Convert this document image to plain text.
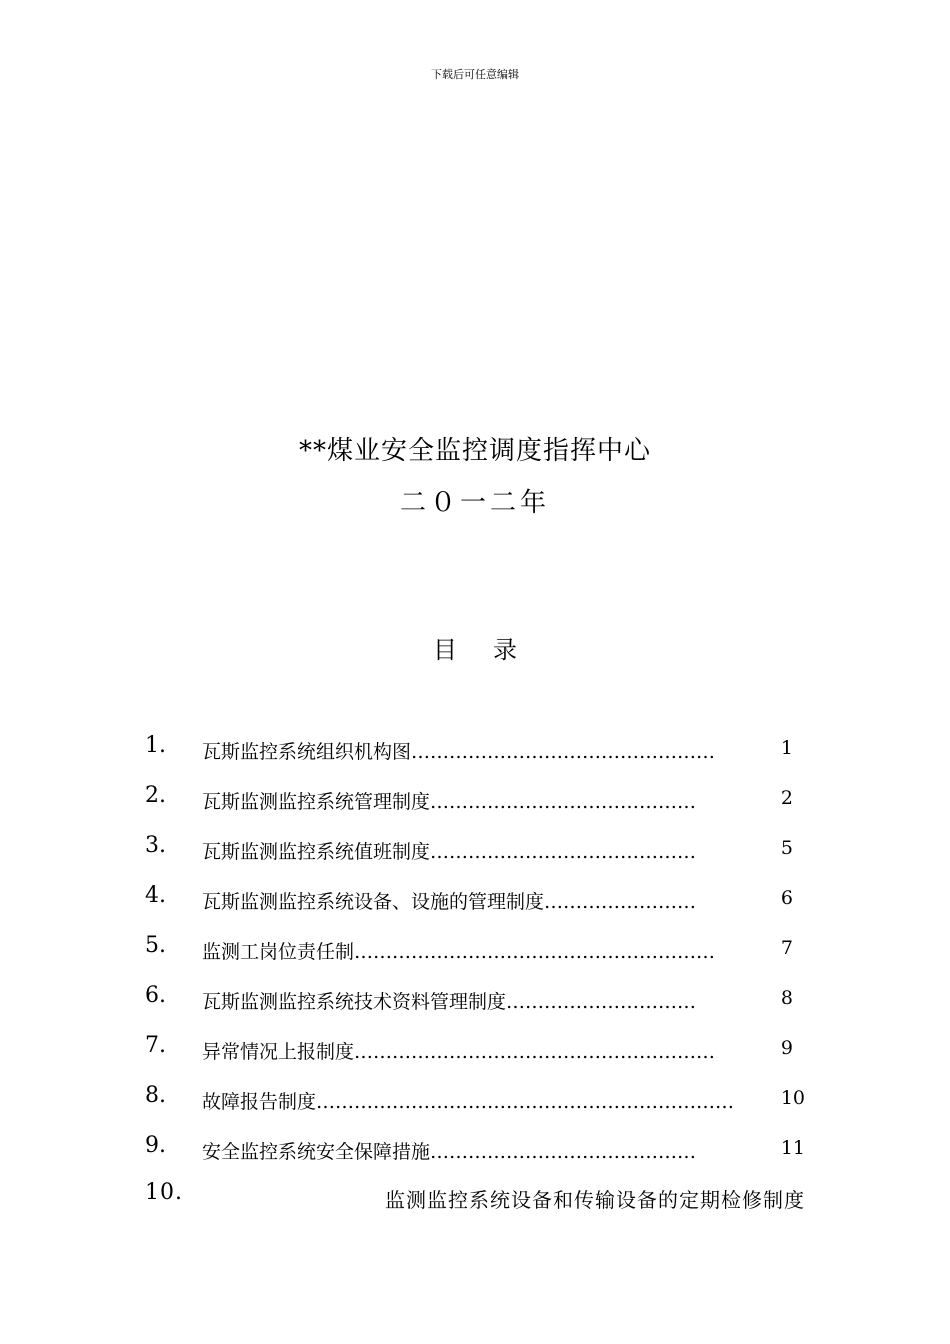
下载后可任意编辑
**煤业安全监控调度指挥中心
二０一二年
目 录
1. 瓦斯监控系统组织机构图…………………………………………	1
2. 瓦斯监测监控系统管理制度……………………………………	2
3. 瓦斯监测监控系统值班制度……………………………………	5
4. 瓦斯监测监控系统设备、设施的管理制度……………………	6
5. 监测工岗位责任制…………………………………………………	7
6. 瓦斯监测监控系统技术资料管理制度…………………………	8
7. 异常情况上报制度…………………………………………………	9
8. 故障报告制度………………………………………………………… 10
9. 安全监控系统安全保障措施……………………………………	11
10.	监测监控系统设备和传输设备的定期检修制度
